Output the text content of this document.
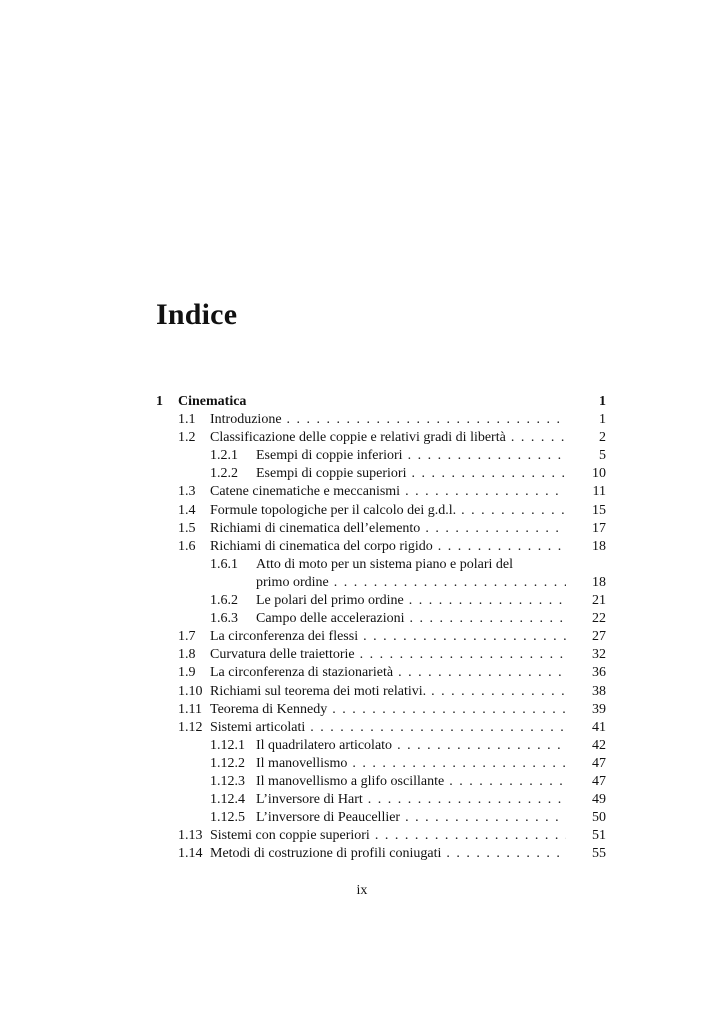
Indice
1 Cinematica	1
1.1 Introduzione . . .	1
1.2 Classificazione delle coppie e relativi gradi di libertà . . .	2
1.2.1 Esempi di coppie inferiori . . .	5
1.2.2 Esempi di coppie superiori . . .	10
1.3 Catene cinematiche e meccanismi . . .	11
1.4 Formule topologiche per il calcolo dei g.d.l. . . .	15
1.5 Richiami di cinematica dell’elemento . . .	17
1.6 Richiami di cinematica del corpo rigido . . .	18
1.6.1 Atto di moto per un sistema piano e polari del
primo ordine . . .	18
1.6.2 Le polari del primo ordine . . .	21
1.6.3 Campo delle accelerazioni . . .	22
1.7 La circonferenza dei flessi . . .	27
1.8 Curvatura delle traiettorie . . .	32
1.9 La circonferenza di stazionarietà . . .	36
1.10 Richiami sul teorema dei moti relativi. . . .	38
1.11 Teorema di Kennedy . . .	39
1.12 Sistemi articolati . . .	41
1.12.1 Il quadrilatero articolato . . .	42
1.12.2 Il manovellismo . . .	47
1.12.3 Il manovellismo a glifo oscillante . . .	47
1.12.4 L’inversore di Hart . . .	49
1.12.5 L’inversore di Peaucellier . . .	50
1.13 Sistemi con coppie superiori . . .	51
1.14 Metodi di costruzione di profili coniugati . . .	55
ix
